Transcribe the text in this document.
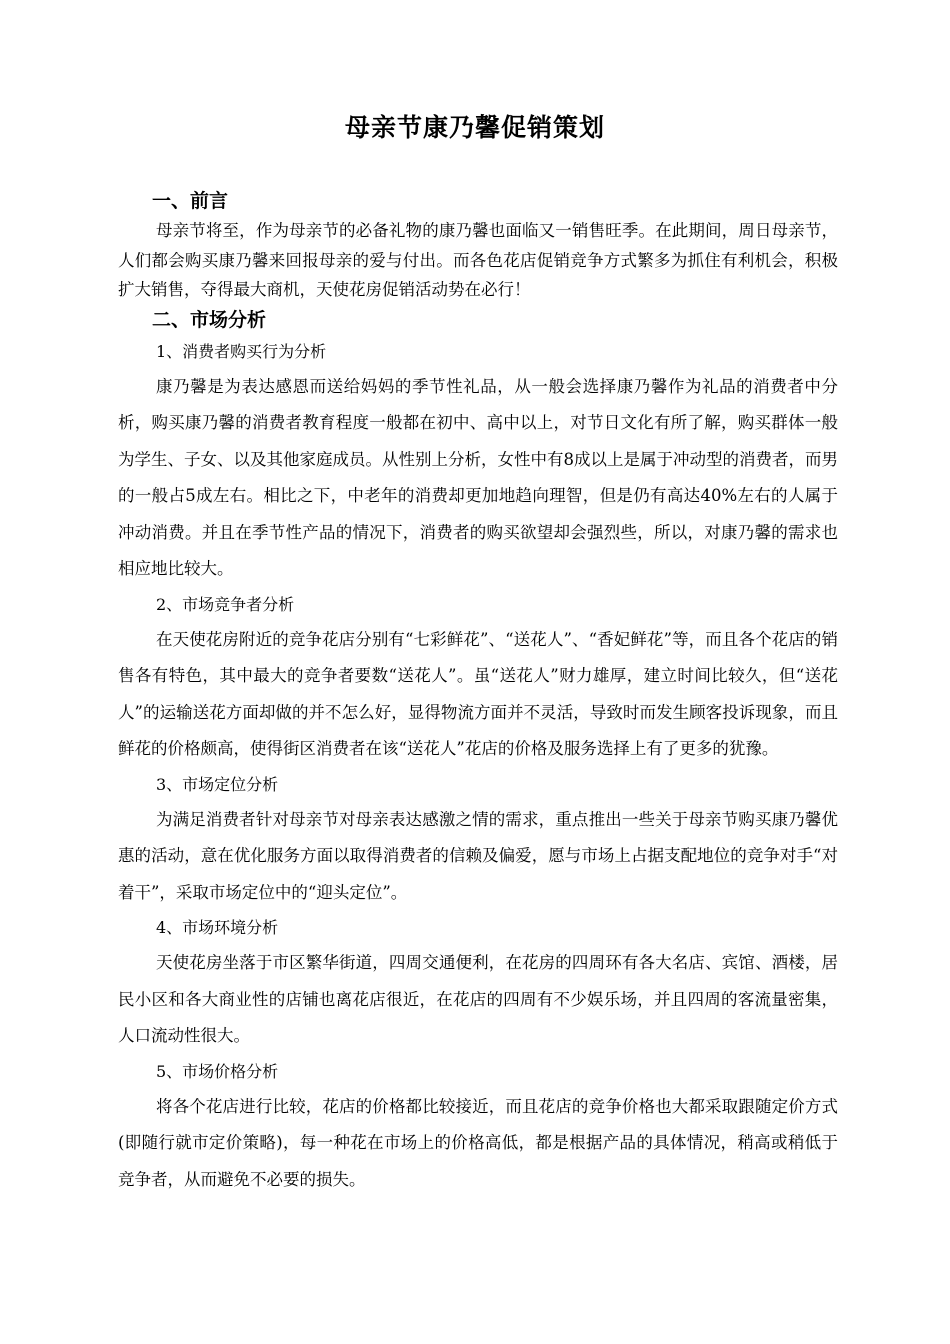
母亲节康乃馨促销策划
一、前言

母亲节将至，作为母亲节的必备礼物的康乃馨也面临又一销售旺季。在此期间，周日母亲节，人们都会购买康乃馨来回报母亲的爱与付出。而各色花店促销竞争方式繁多为抓住有利机会，积极扩大销售，夺得最大商机，天使花房促销活动势在必行！

二、市场分析
1、消费者购买行为分析

康乃馨是为表达感恩而送给妈妈的季节性礼品，从一般会选择康乃馨作为礼品的消费者中分析，购买康乃馨的消费者教育程度一般都在初中、高中以上，对节日文化有所了解，购买群体一般为学生、子女、以及其他家庭成员。从性别上分析，女性中有8成以上是属于冲动型的消费者，而男的一般占5成左右。相比之下，中老年的消费却更加地趋向理智，但是仍有高达40%左右的人属于冲动消费。并且在季节性产品的情况下，消费者的购买欲望却会强烈些，所以，对康乃馨的需求也相应地比较大。

2、市场竞争者分析

在天使花房附近的竞争花店分别有“七彩鲜花”、“送花人”、“香妃鲜花”等，而且各个花店的销售各有特色，其中最大的竞争者要数“送花人”。虽“送花人”财力雄厚，建立时间比较久，但“送花人”的运输送花方面却做的并不怎么好，显得物流方面并不灵活，导致时而发生顾客投诉现象，而且鲜花的价格颇高，使得街区消费者在该“送花人”花店的价格及服务选择上有了更多的犹豫。

3、市场定位分析

为满足消费者针对母亲节对母亲表达感激之情的需求，重点推出一些关于母亲节购买康乃馨优惠的活动，意在优化服务方面以取得消费者的信赖及偏爱，愿与市场上占据支配地位的竞争对手“对着干”，采取市场定位中的“迎头定位”。

4、市场环境分析

天使花房坐落于市区繁华街道，四周交通便利，在花房的四周环有各大名店、宾馆、酒楼，居民小区和各大商业性的店铺也离花店很近，在花店的四周有不少娱乐场，并且四周的客流量密集，人口流动性很大。

5、市场价格分析

将各个花店进行比较，花店的价格都比较接近，而且花店的竞争价格也大都采取跟随定价方式(即随行就市定价策略)，每一种花在市场上的价格高低，都是根据产品的具体情况，稍高或稍低于竞争者，从而避免不必要的损失。
